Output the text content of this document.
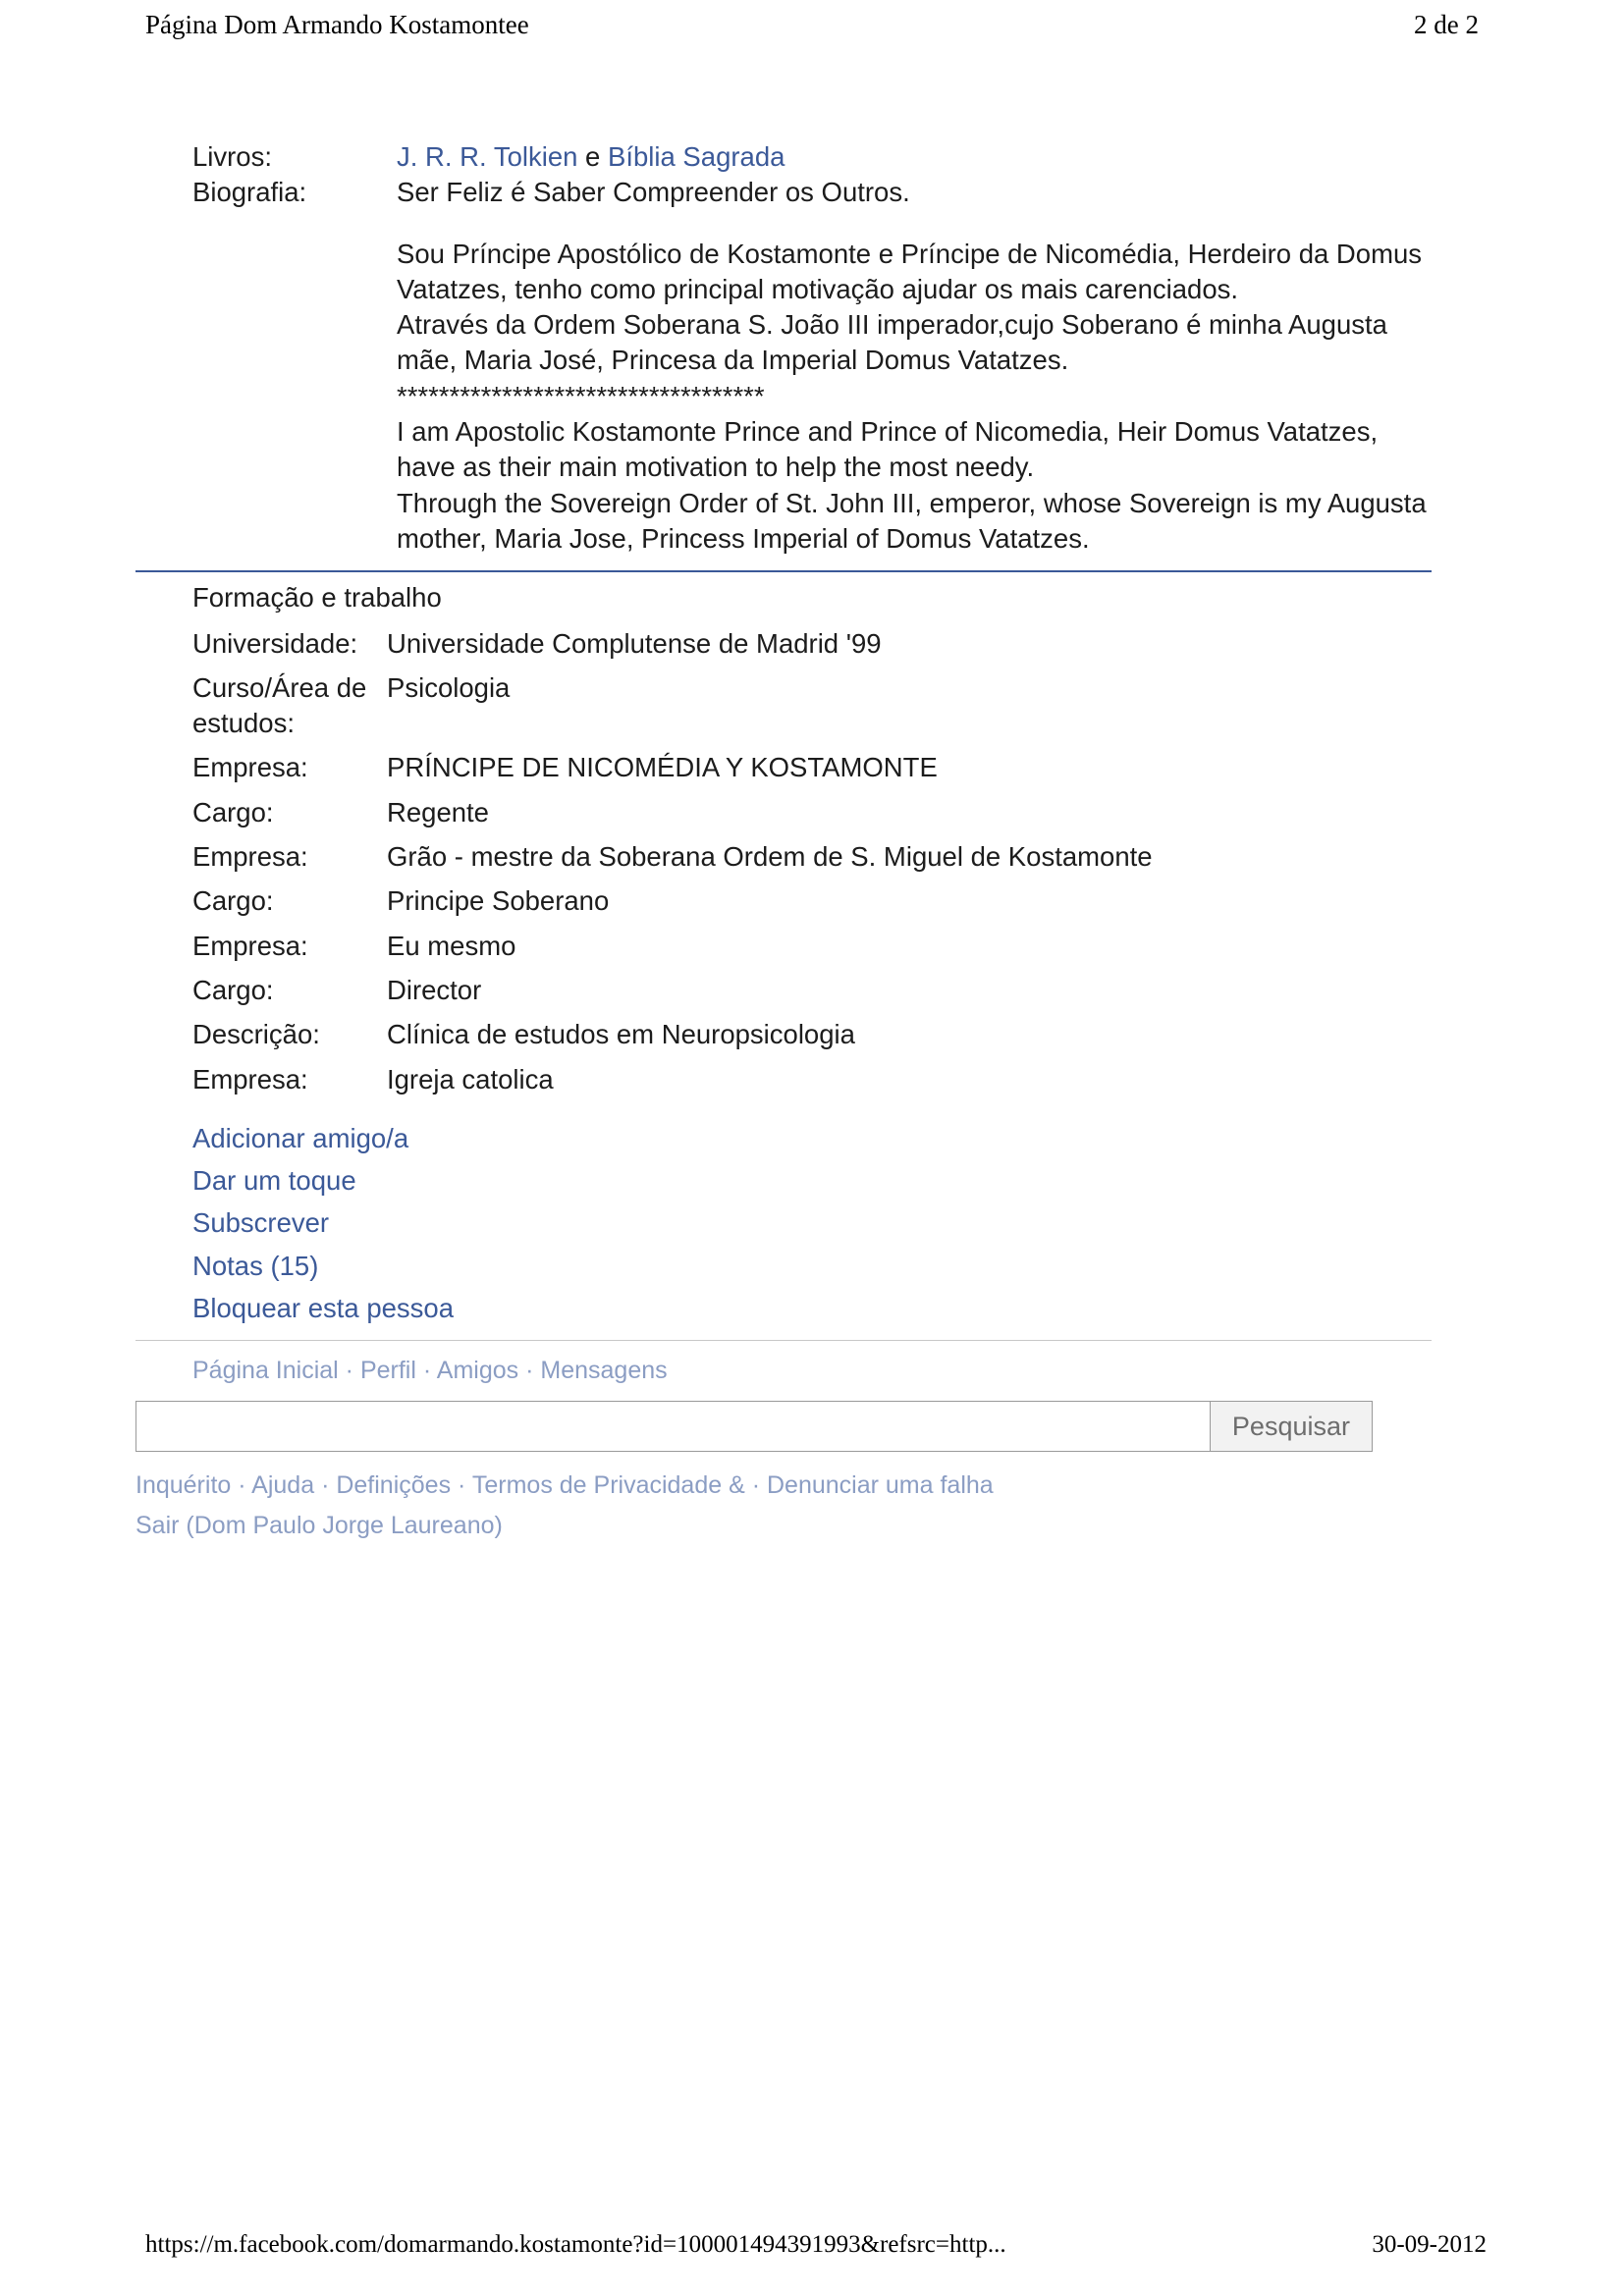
Página Dom Armando Kostamontee	2 de 2
Livros:	J. R. R. Tolkien e Bíblia Sagrada
Biografia:	Ser Feliz é Saber Compreender os Outros.

Sou Príncipe Apostólico de Kostamonte e Príncipe de Nicomédia, Herdeiro da Domus Vatatzes, tenho como principal motivação ajudar os mais carenciados.

Através da Ordem Soberana S. João III imperador,cujo Soberano é minha Augusta mãe, Maria José, Princesa da Imperial Domus Vatatzes.

***********************************

I am Apostolic Kostamonte Prince and Prince of Nicomedia, Heir Domus Vatatzes, have as their main motivation to help the most needy.

Through the Sovereign Order of St. John III, emperor, whose Sovereign is my Augusta mother, Maria Jose, Princess Imperial of Domus Vatatzes.

Formação e trabalho
Universidade:	Universidade Complutense de Madrid '99
Curso/Área de estudos:
Psicologia
Empresa:	PRÍNCIPE DE NICOMÉDIA Y KOSTAMONTE
Cargo:	Regente
Empresa:	Grão - mestre da Soberana Ordem de S. Miguel de Kostamonte
Cargo:	Principe Soberano
Empresa:	Eu mesmo
Cargo:	Director
Descrição:	Clínica de estudos em Neuropsicologia
Empresa:	Igreja catolica
Adicionar amigo/a
Dar um toque
Subscrever
Notas (15)
Bloquear esta pessoa
Página Inicial · Perfil · Amigos · Mensagens
Pesquisar
Inquérito · Ajuda · Definições · Termos de Privacidade & · Denunciar uma falha
Sair (Dom Paulo Jorge Laureano)
https://m.facebook.com/domarmando.kostamonte?id=100001494391993&refsrc=http...	30-09-2012
